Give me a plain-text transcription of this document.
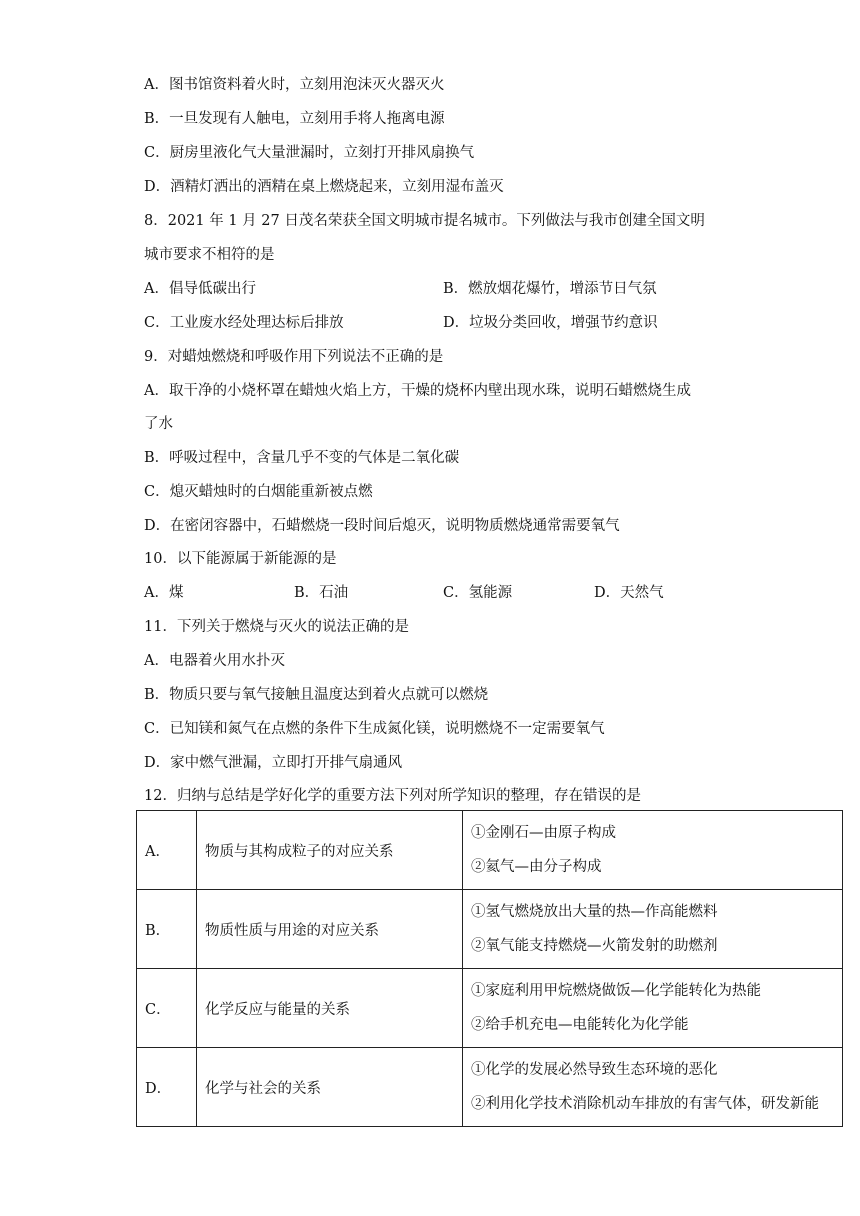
A．图书馆资料着火时，立刻用泡沫灭火器灭火
B．一旦发现有人触电，立刻用手将人拖离电源
C．厨房里液化气大量泄漏时，立刻打开排风扇换气
D．酒精灯洒出的酒精在桌上燃烧起来，立刻用湿布盖灭
8．2021 年 1 月 27 日茂名荣获全国文明城市提名城市。下列做法与我市创建全国文明
城市要求不相符的是
A．倡导低碳出行	B．燃放烟花爆竹，增添节日气氛
C．工业废水经处理达标后排放	D．垃圾分类回收，增强节约意识
9．对蜡烛燃烧和呼吸作用下列说法不正确的是
A．取干净的小烧杯罩在蜡烛火焰上方，干燥的烧杯内壁出现水珠，说明石蜡燃烧生成
了水
B．呼吸过程中，含量几乎不变的气体是二氧化碳
C．熄灭蜡烛时的白烟能重新被点燃
D．在密闭容器中，石蜡燃烧一段时间后熄灭，说明物质燃烧通常需要氧气
10．以下能源属于新能源的是
A．煤	B．石油	C．氢能源	D．天然气
11．下列关于燃烧与灭火的说法正确的是
A．电器着火用水扑灭
B．物质只要与氧气接触且温度达到着火点就可以燃烧
C．已知镁和氮气在点燃的条件下生成氮化镁，说明燃烧不一定需要氧气
D．家中燃气泄漏，立即打开排气扇通风
12．归纳与总结是学好化学的重要方法下列对所学知识的整理，存在错误的是
A．	物质与其构成粒子的对应关系	①金刚石—由原子构成
②氦气—由分子构成

B．	物质性质与用途的对应关系	①氢气燃烧放出大量的热—作高能燃料
②氧气能支持燃烧—火箭发射的助燃剂

C．	化学反应与能量的关系	①家庭利用甲烷燃烧做饭—化学能转化为热能
②给手机充电—电能转化为化学能

D．	化学与社会的关系	①化学的发展必然导致生态环境的恶化
②利用化学技术消除机动车排放的有害气体，研发新能
